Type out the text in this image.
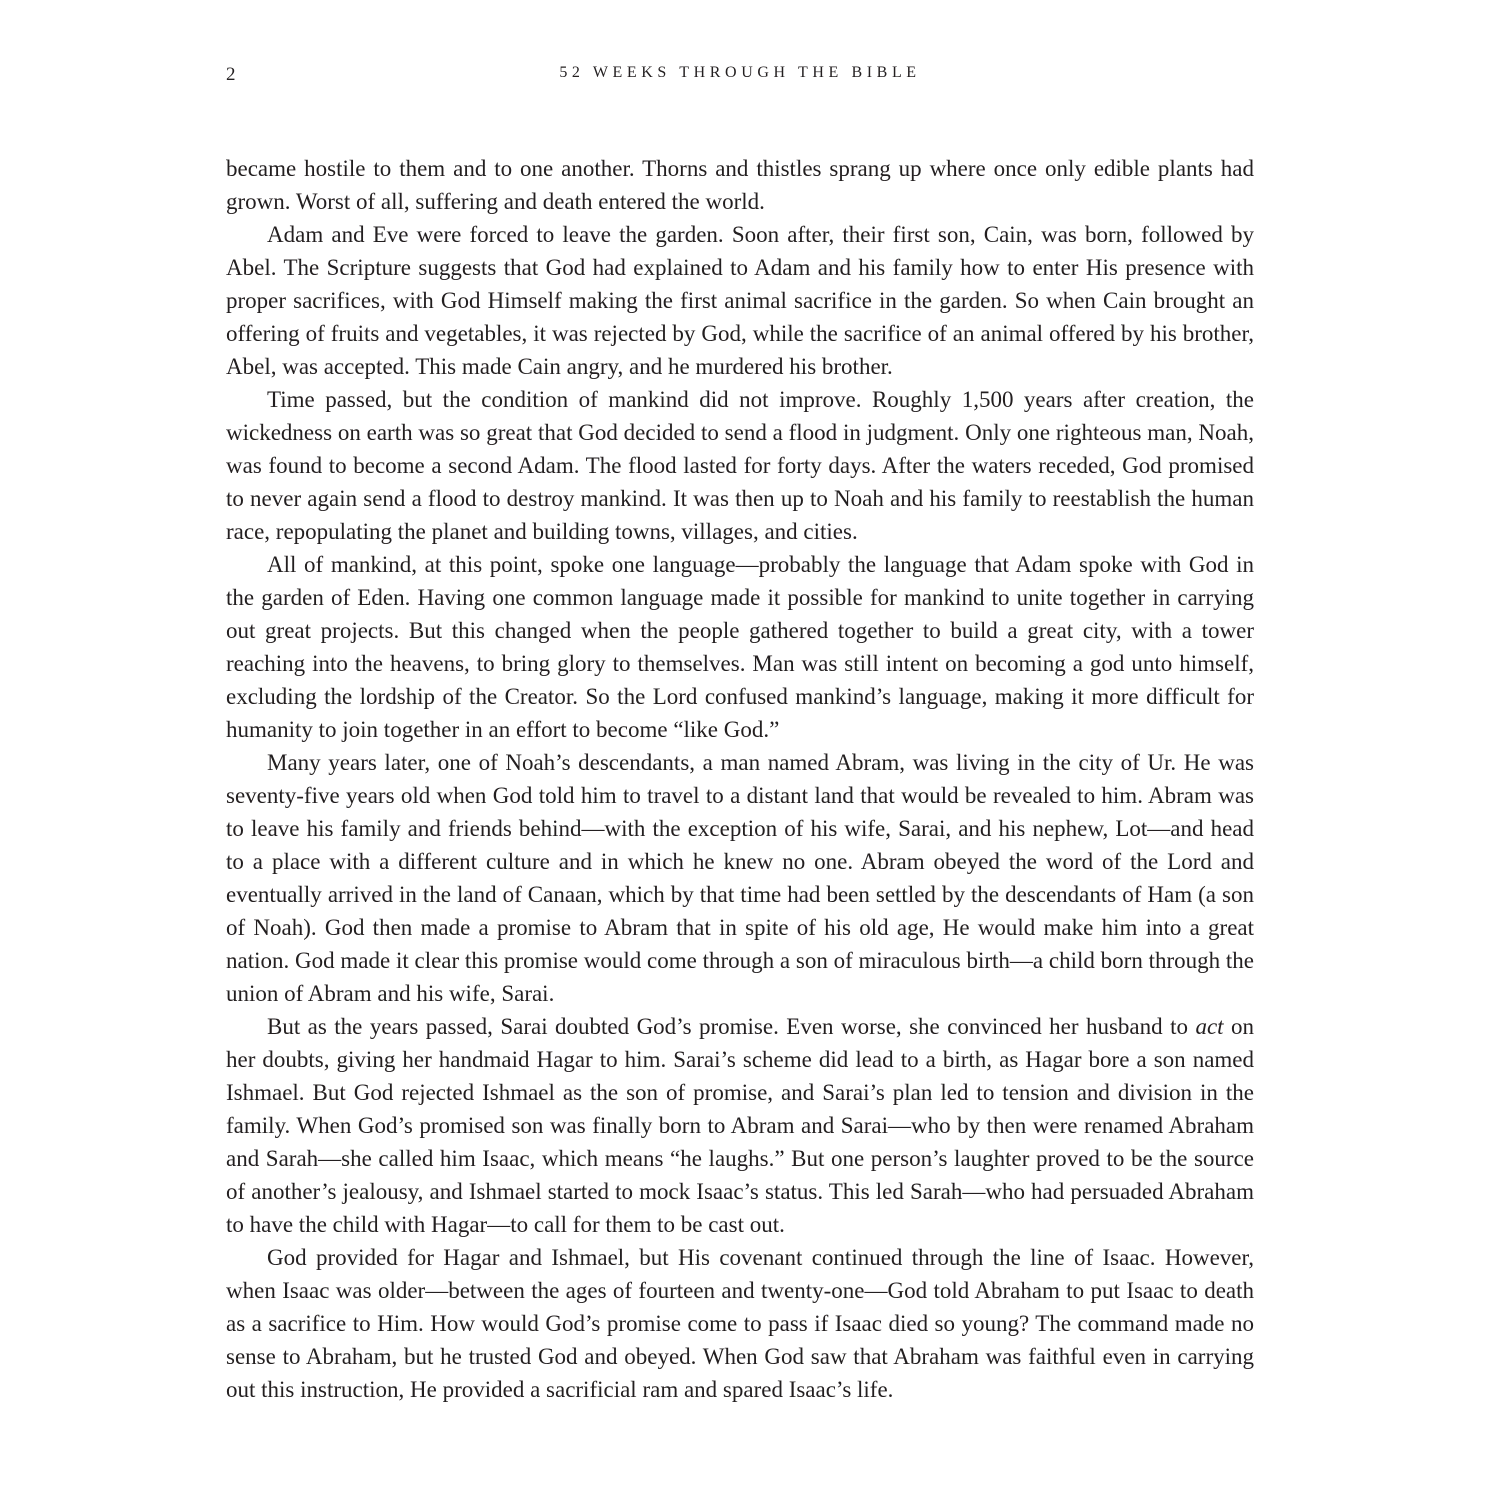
2	52 WEEKS THROUGH THE BIBLE

became hostile to them and to one another. Thorns and thistles sprang up where once only edible plants had grown. Worst of all, suffering and death entered the world.

Adam and Eve were forced to leave the garden. Soon after, their first son, Cain, was born, followed by Abel. The Scripture suggests that God had explained to Adam and his family how to enter His presence with proper sacrifices, with God Himself making the first animal sacrifice in the garden. So when Cain brought an offering of fruits and vegetables, it was rejected by God, while the sacrifice of an animal offered by his brother, Abel, was accepted. This made Cain angry, and he murdered his brother.

Time passed, but the condition of mankind did not improve. Roughly 1,500 years after creation, the wickedness on earth was so great that God decided to send a flood in judgment. Only one righteous man, Noah, was found to become a second Adam. The flood lasted for forty days. After the waters receded, God promised to never again send a flood to destroy mankind. It was then up to Noah and his family to reestablish the human race, repopulating the planet and building towns, villages, and cities.

All of mankind, at this point, spoke one language—probably the language that Adam spoke with God in the garden of Eden. Having one common language made it possible for mankind to unite together in carrying out great projects. But this changed when the people gathered together to build a great city, with a tower reaching into the heavens, to bring glory to themselves. Man was still intent on becoming a god unto himself, excluding the lordship of the Creator. So the Lord confused mankind’s language, making it more difficult for humanity to join together in an effort to become “like God.”

Many years later, one of Noah’s descendants, a man named Abram, was living in the city of Ur. He was seventy-five years old when God told him to travel to a distant land that would be revealed to him. Abram was to leave his family and friends behind—with the exception of his wife, Sarai, and his nephew, Lot—and head to a place with a different culture and in which he knew no one. Abram obeyed the word of the Lord and eventually arrived in the land of Canaan, which by that time had been settled by the descendants of Ham (a son of Noah). God then made a promise to Abram that in spite of his old age, He would make him into a great nation. God made it clear this promise would come through a son of miraculous birth—a child born through the union of Abram and his wife, Sarai.

But as the years passed, Sarai doubted God’s promise. Even worse, she convinced her husband to act on her doubts, giving her handmaid Hagar to him. Sarai’s scheme did lead to a birth, as Hagar bore a son named Ishmael. But God rejected Ishmael as the son of promise, and Sarai’s plan led to tension and division in the family. When God’s promised son was finally born to Abram and Sarai—who by then were renamed Abraham and Sarah—she called him Isaac, which means “he laughs.” But one person’s laughter proved to be the source of another’s jealousy, and Ishmael started to mock Isaac’s status. This led Sarah—who had persuaded Abraham to have the child with Hagar—to call for them to be cast out.

God provided for Hagar and Ishmael, but His covenant continued through the line of Isaac. However, when Isaac was older—between the ages of fourteen and twenty-one—God told Abraham to put Isaac to death as a sacrifice to Him. How would God’s promise come to pass if Isaac died so young? The command made no sense to Abraham, but he trusted God and obeyed. When God saw that Abraham was faithful even in carrying out this instruction, He provided a sacrificial ram and spared Isaac’s life.
